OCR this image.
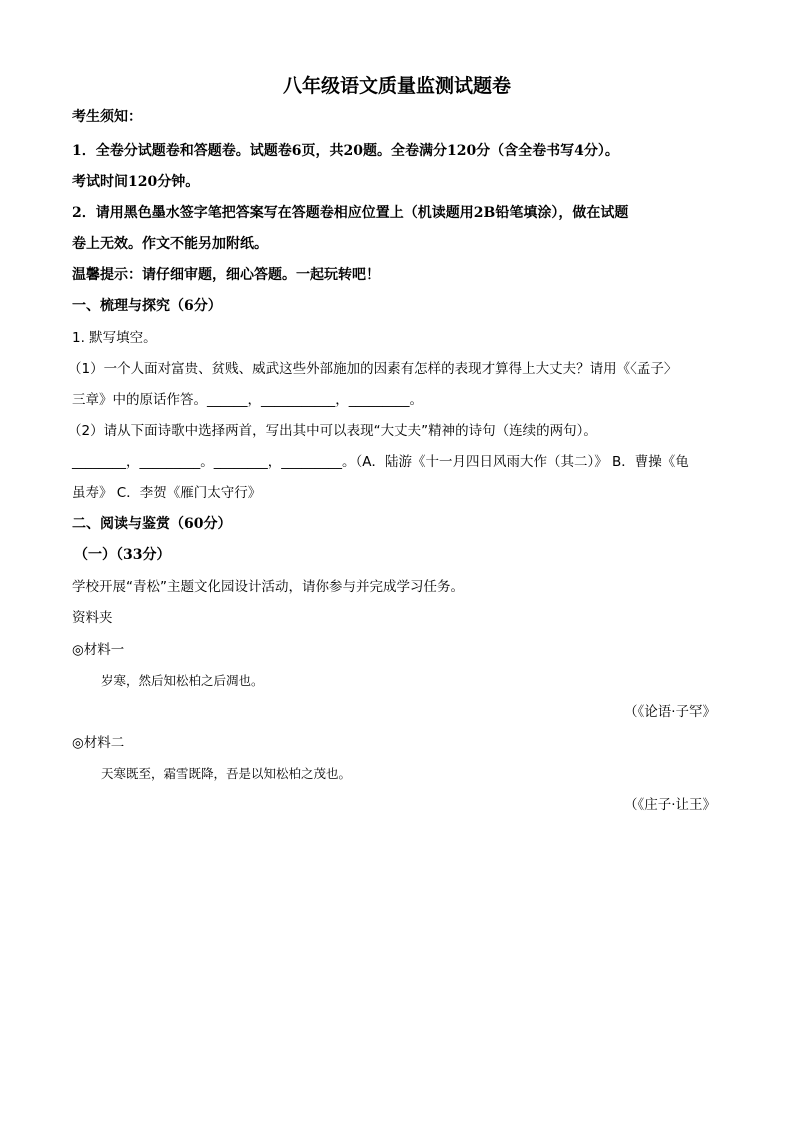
八年级语文质量监测试题卷
考生须知：
1．全卷分试题卷和答题卷。试题卷6页，共20题。全卷满分120分（含全卷书写4分）。
考试时间120分钟。
2．请用黑色墨水签字笔把答案写在答题卷相应位置上（机读题用2B铅笔填涂），做在试题
卷上无效。作文不能另加附纸。
温馨提示：请仔细审题，细心答题。一起玩转吧！
一、梳理与探究（6分）
1. 默写填空。
（1）一个人面对富贵、贫贱、威武这些外部施加的因素有怎样的表现才算得上大丈夫？请用《〈孟子〉
三章》中的原话作答。______，___________，_________。
（2）请从下面诗歌中选择两首，写出其中可以表现“大丈夫”精神的诗句（连续的两句）。
________，_________。________，_________。（A．陆游《十一月四日风雨大作（其二）》 B．曹操《龟
虽寿》 C．李贺《雁门太守行》
二、阅读与鉴赏（60分）
（一）（33分）
学校开展“青松”主题文化园设计活动，请你参与并完成学习任务。
资料夹
◎材料一
岁寒，然后知松柏之后凋也。
（《论语·子罕》
◎材料二
天寒既至，霜雪既降，吾是以知松柏之茂也。
（《庄子·让王》
